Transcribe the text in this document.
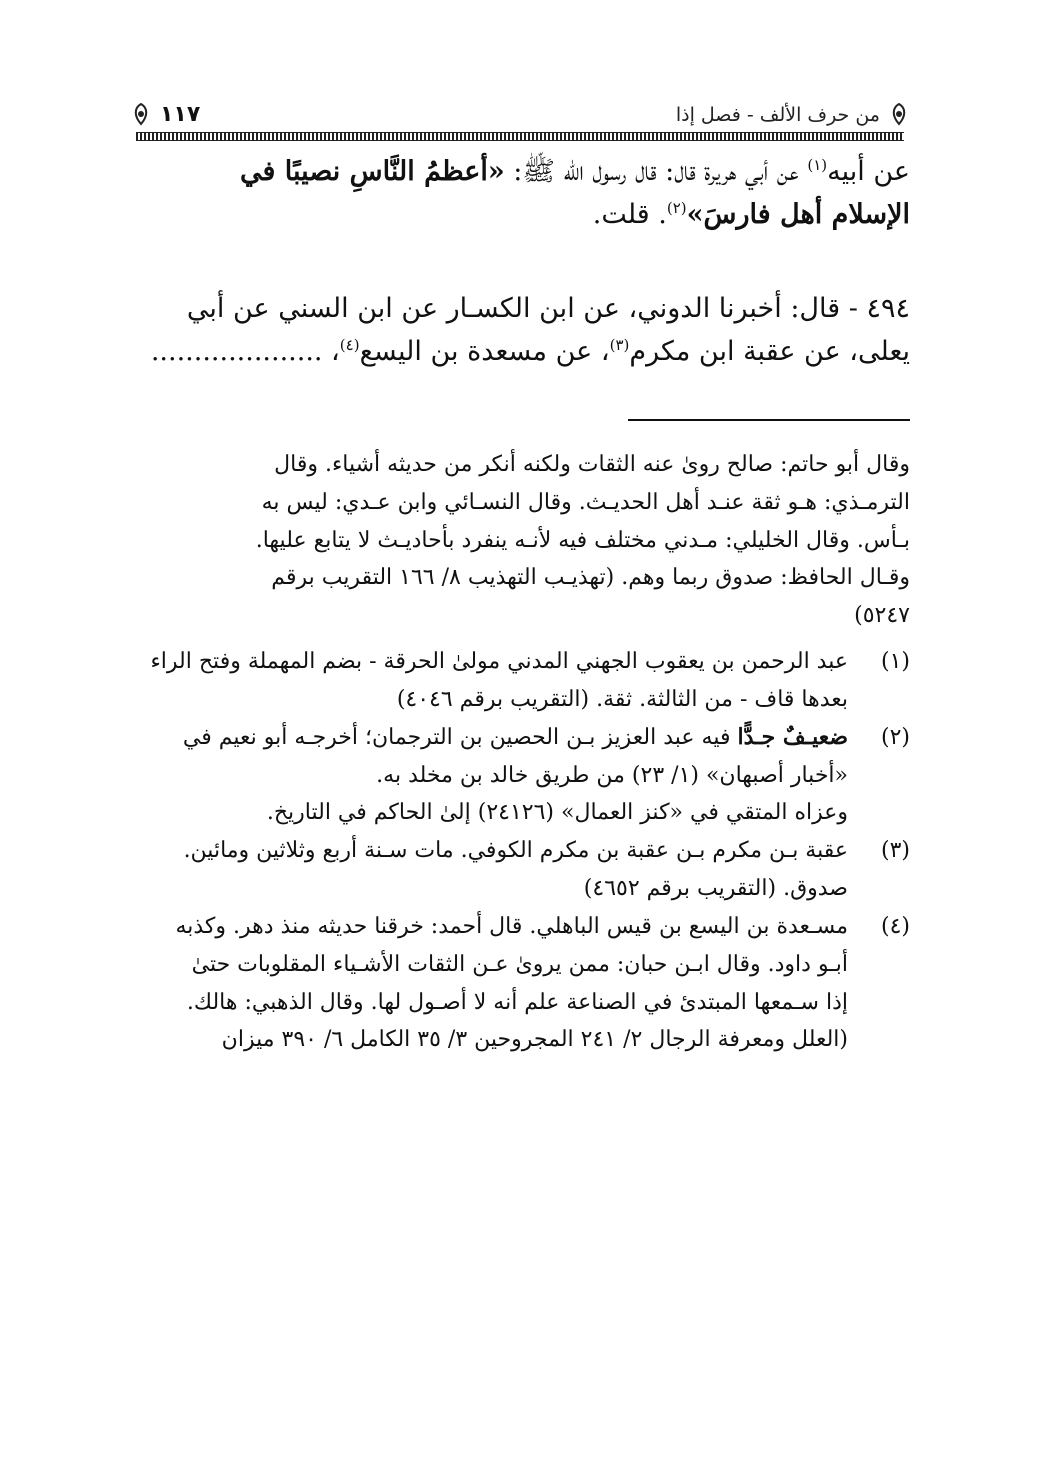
من حرف الألف - فصل إذا
١١٧
عن أبيه$^{(١)}$ عن أبي هريرة قال: قال رسول الله ﷺ: «أعظمُ النَّاسِ نصيبًا في
الإسلام أهل فارسَ»$^{(٢)}$. قلت.
٤٩٤ - قال: أخبرنا الدوني، عن ابن الكسـار عن ابن السني عن أبي
يعلى، عن عقبة ابن مكرم$^{(٣)}$، عن مسعدة بن اليسع$^{(٤)}$، ....................

وقال أبو حاتم: صالح روىٰ عنه الثقات ولكنه أنكر من حديثه أشياء. وقال

الترمـذي: هـو ثقة عنـد أهل الحديـث. وقال النسـائي وابن عـدي: ليس به

بـأس. وقال الخليلي: مـدني مختلف فيه لأنـه ينفرد بأحاديـث لا يتابع عليها.

وقـال الحافظ: صدوق ربما وهم. (تهذيـب التهذيب ٨/ ١٦٦ التقريب برقم

٥٢٤٧)

(١)

عبد الرحمن بن يعقوب الجهني المدني مولىٰ الحرقة - بضم المهملة وفتح الراء

بعدها قاف - من الثالثة. ثقة. (التقريب برقم ٤٠٤٦)

(٢)

ضعيـفٌ جـدًّا فيه عبد العزيز بـن الحصين بن الترجمان؛ أخرجـه أبو نعيم في

«أخبار أصبهان» (١/ ٢٣) من طريق خالد بن مخلد به.

وعزاه المتقي في «كنز العمال» (٢٤١٢٦) إلىٰ الحاكم في التاريخ.

(٣)

عقبة بـن مكرم بـن عقبة بن مكرم الكوفي. مات سـنة أربع وثلاثين ومائين.

صدوق. (التقريب برقم ٤٦٥٢)

(٤)

مسـعدة بن اليسع بن قيس الباهلي. قال أحمد: خرقنا حديثه منذ دهر. وكذبه

أبـو داود. وقال ابـن حبان: ممن يروىٰ عـن الثقات الأشـياء المقلوبات حتىٰ

إذا سـمعها المبتدئ في الصناعة علم أنه لا أصـول لها. وقال الذهبي: هالك.

(العلل ومعرفة الرجال ٢/ ٢٤١ المجروحين ٣/ ٣٥ الكامل ٦/ ٣٩٠ ميزان
